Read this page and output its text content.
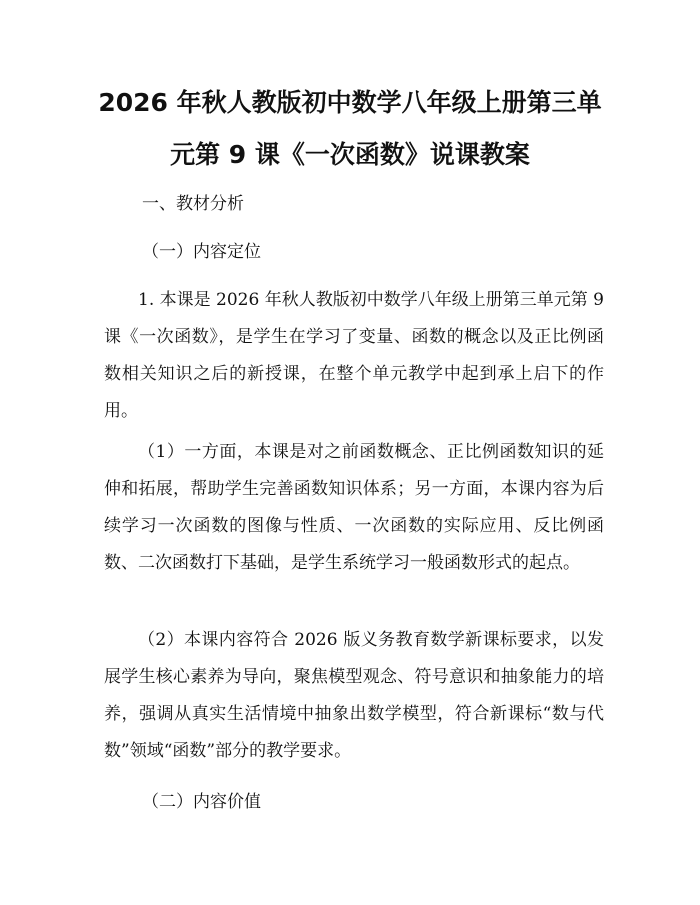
2026 年秋人教版初中数学八年级上册第三单
元第 9 课《一次函数》说课教案
一、教材分析
（一）内容定位
1. 本课是 2026 年秋人教版初中数学八年级上册第三单元第 9 课《一次函数》，是学生在学习了变量、函数的概念以及正比例函数相关知识之后的新授课，在整个单元教学中起到承上启下的作用。
（1）一方面，本课是对之前函数概念、正比例函数知识的延伸和拓展，帮助学生完善函数知识体系；另一方面，本课内容为后续学习一次函数的图像与性质、一次函数的实际应用、反比例函数、二次函数打下基础，是学生系统学习一般函数形式的起点。
（2）本课内容符合 2026 版义务教育数学新课标要求，以发展学生核心素养为导向，聚焦模型观念、符号意识和抽象能力的培养，强调从真实生活情境中抽象出数学模型，符合新课标“数与代数”领域“函数”部分的教学要求。
（二）内容价值
